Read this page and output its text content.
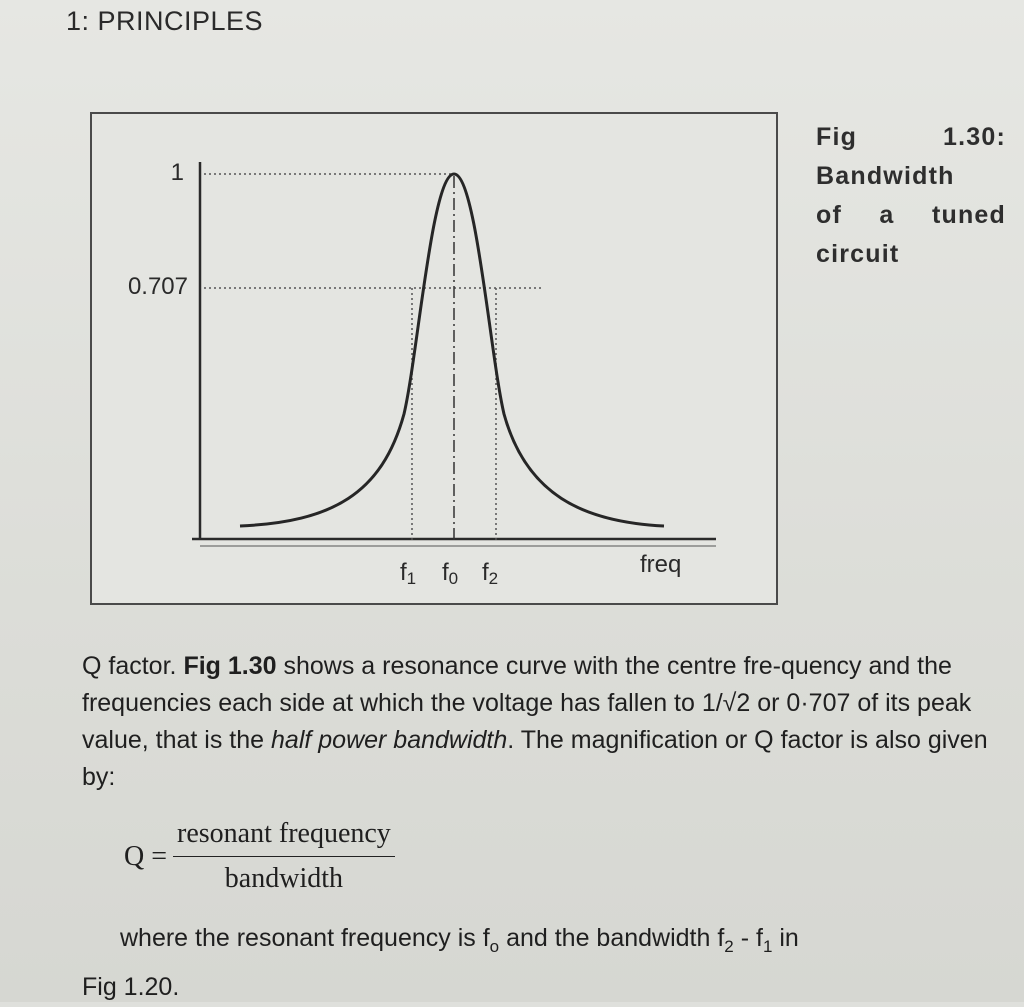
1: PRINCIPLES
1
0.707
f1 f0 f2
freq
Fig	1.30:
Bandwidth
of a tuned
circuit

Q factor. Fig 1.30 shows a resonance curve with the centre fre-quency and the frequencies each side at which the voltage has fallen to 1/√2 or 0·707 of its peak value, that is the half power bandwidth. The magnification or Q factor is also given by:

$Q = \frac{\text{resonant frequency}}{\text{bandwidth}}$
where the resonant frequency is $f_o$ and the bandwidth $f_2 - f_1$ in
Fig 1.20.
